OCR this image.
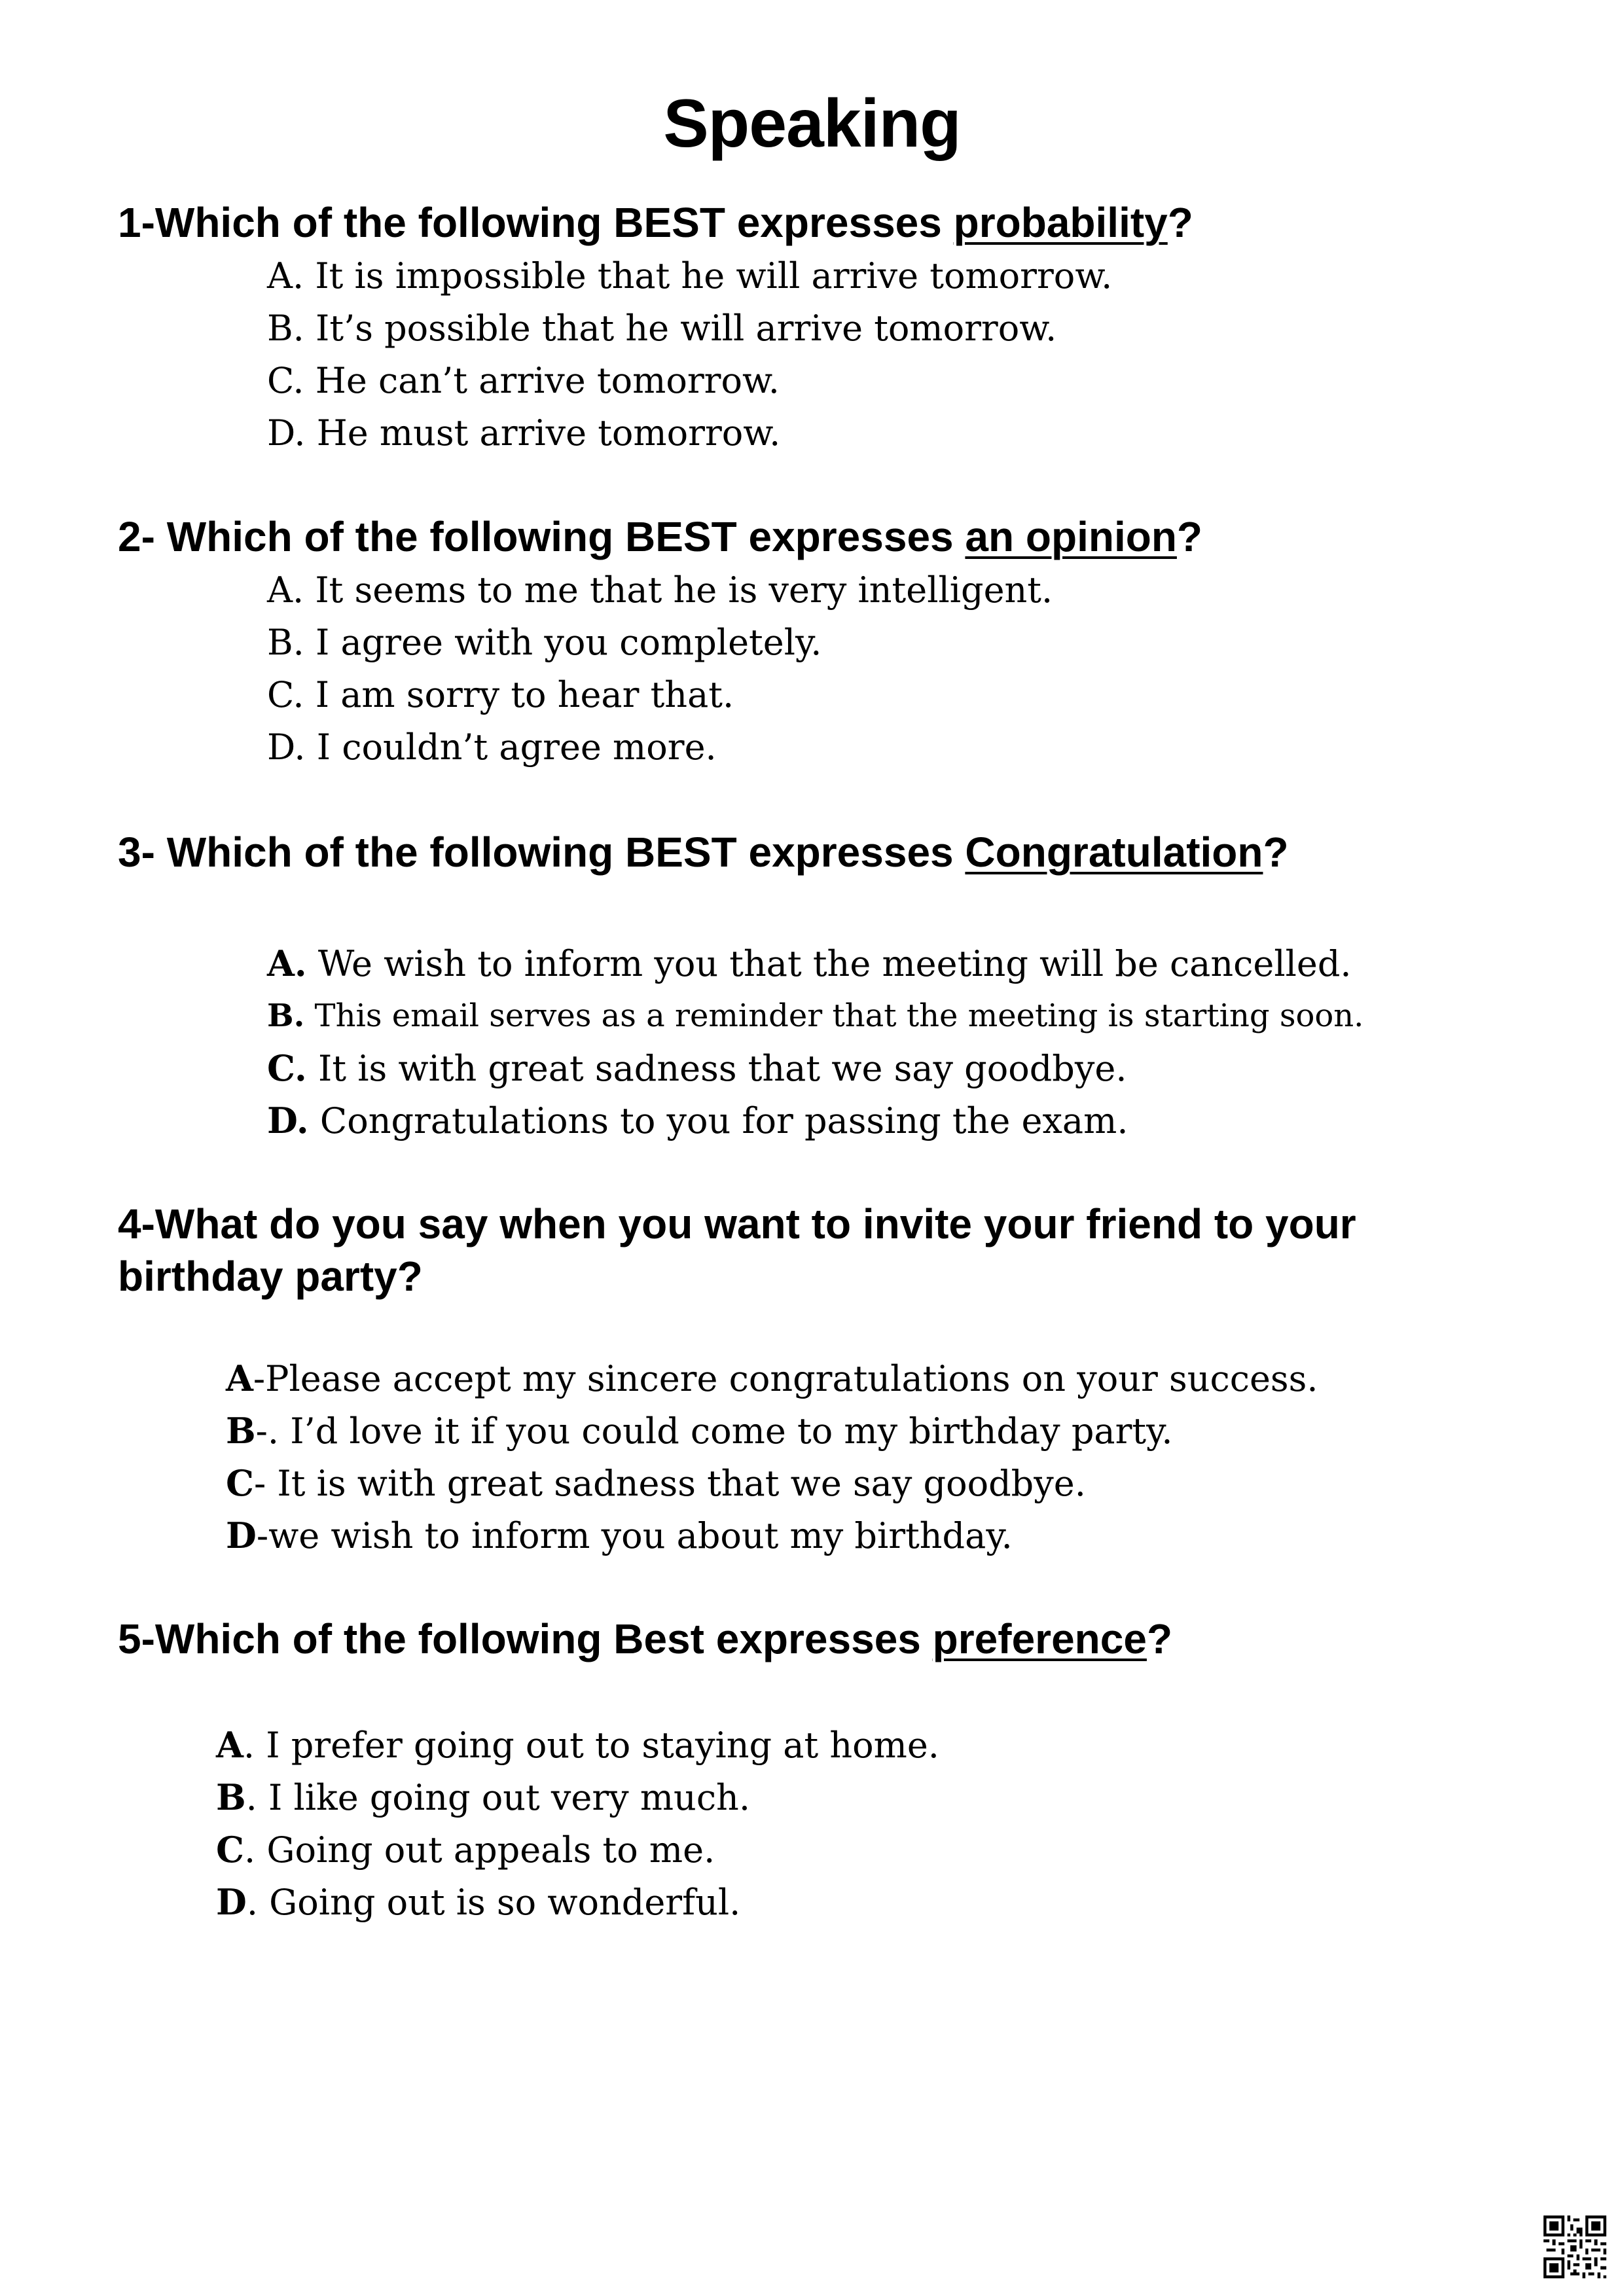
Speaking
1-Which of the following BEST expresses probability?
A. It is impossible that he will arrive tomorrow.
B. It’s possible that he will arrive tomorrow.
C. He can’t arrive tomorrow.
D. He must arrive tomorrow.
2- Which of the following BEST expresses an opinion?
A. It seems to me that he is very intelligent.
B. I agree with you completely.
C. I am sorry to hear that.
D. I couldn’t agree more.
3- Which of the following BEST expresses Congratulation?
A. We wish to inform you that the meeting will be cancelled.
B. This email serves as a reminder that the meeting is starting soon.
C. It is with great sadness that we say goodbye.
D. Congratulations to you for passing the exam.
4-What do you say when you want to invite your friend to your
birthday party?
A-Please accept my sincere congratulations on your success.
B-. I’d love it if you could come to my birthday party.
C- It is with great sadness that we say goodbye.
D-we wish to inform you about my birthday.
5-Which of the following Best expresses preference?
A. I prefer going out to staying at home.
B. I like going out very much.
C. Going out appeals to me.
D. Going out is so wonderful.
